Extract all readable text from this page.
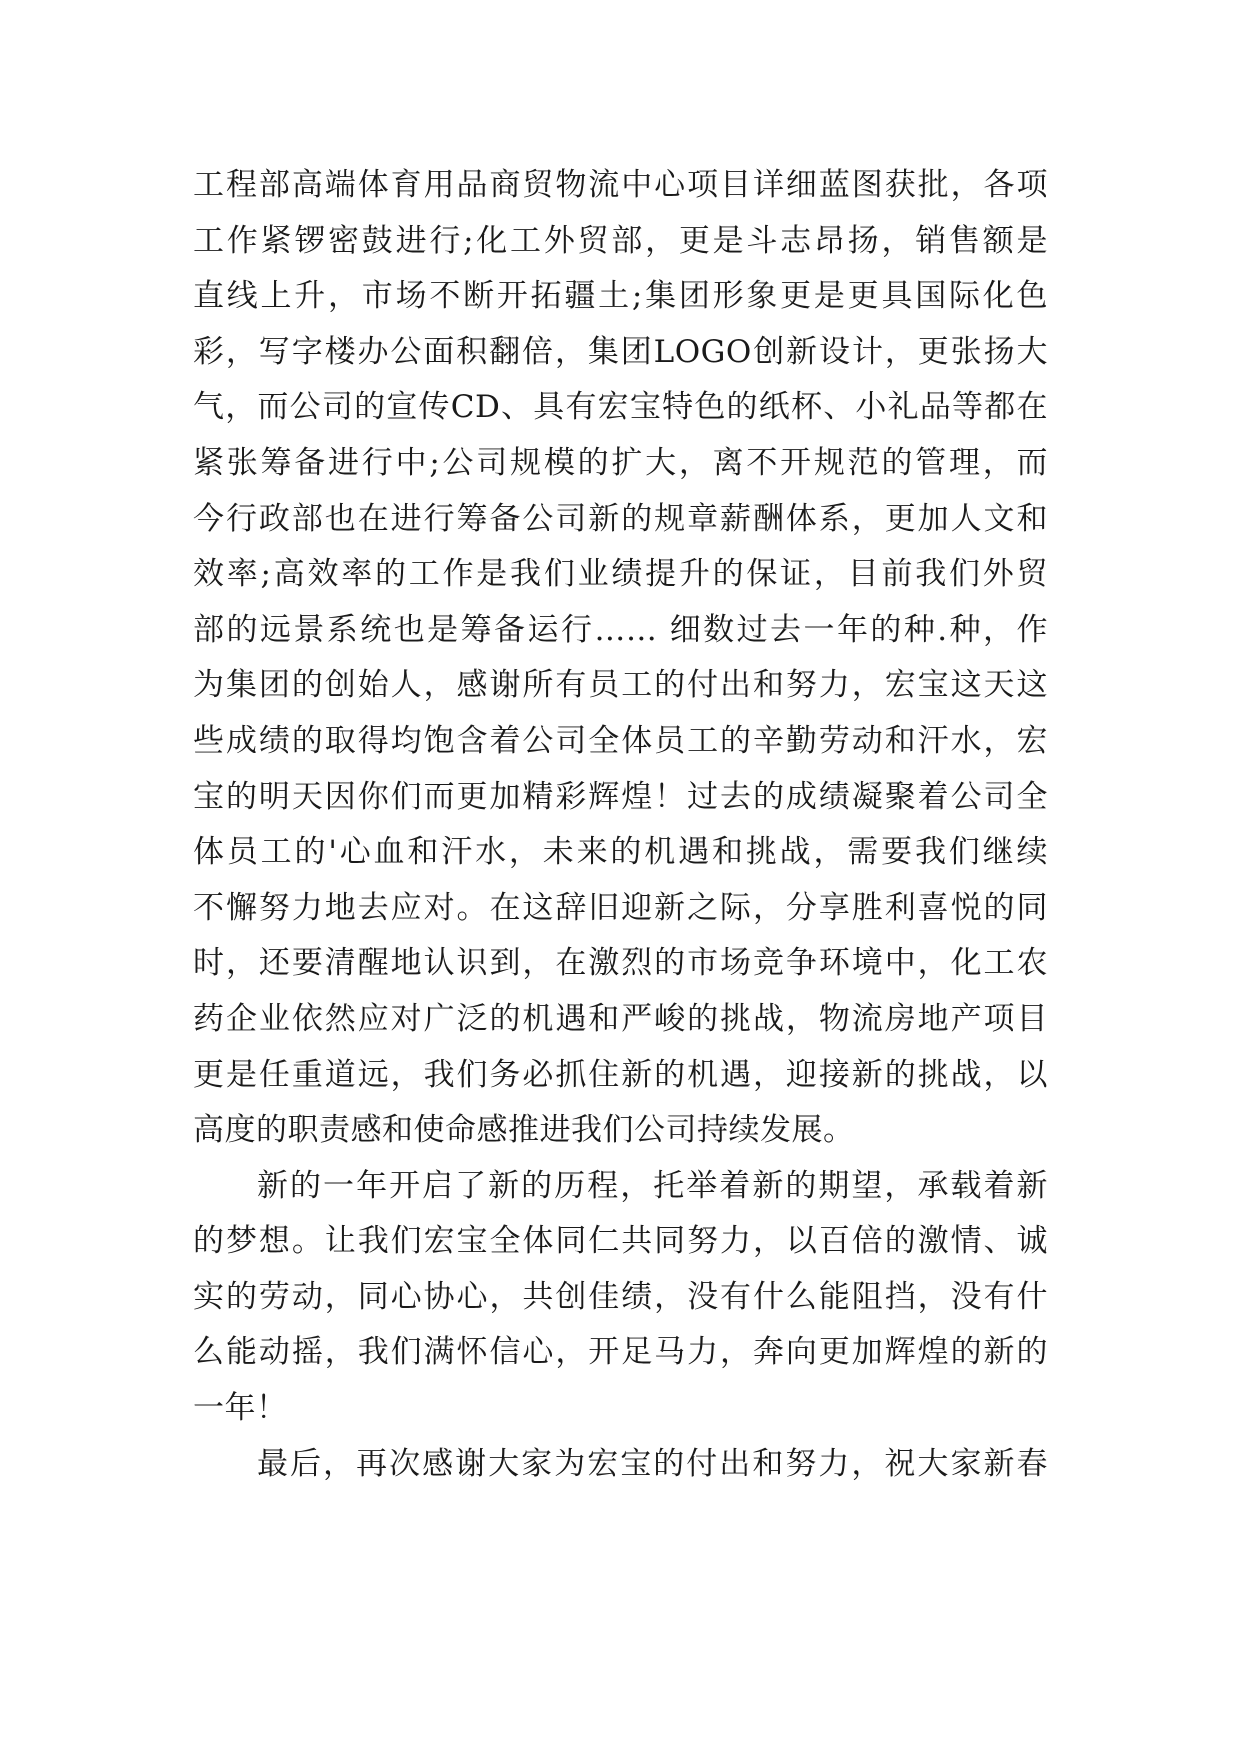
工程部高端体育用品商贸物流中心项目详细蓝图获批，各项
工作紧锣密鼓进行;化工外贸部，更是斗志昂扬，销售额是
直线上升，市场不断开拓疆土;集团形象更是更具国际化色
彩，写字楼办公面积翻倍，集团LOGO创新设计，更张扬大
气，而公司的宣传CD、具有宏宝特色的纸杯、小礼品等都在
紧张筹备进行中;公司规模的扩大，离不开规范的管理，而
今行政部也在进行筹备公司新的规章薪酬体系，更加人文和
效率;高效率的工作是我们业绩提升的保证，目前我们外贸
部的远景系统也是筹备运行…… 细数过去一年的种.种，作
为集团的创始人，感谢所有员工的付出和努力，宏宝这天这
些成绩的取得均饱含着公司全体员工的辛勤劳动和汗水，宏
宝的明天因你们而更加精彩辉煌！过去的成绩凝聚着公司全
体员工的'心血和汗水，未来的机遇和挑战，需要我们继续
不懈努力地去应对。在这辞旧迎新之际，分享胜利喜悦的同
时，还要清醒地认识到，在激烈的市场竞争环境中，化工农
药企业依然应对广泛的机遇和严峻的挑战，物流房地产项目
更是任重道远，我们务必抓住新的机遇，迎接新的挑战，以
高度的职责感和使命感推进我们公司持续发展。
新的一年开启了新的历程，托举着新的期望，承载着新
的梦想。让我们宏宝全体同仁共同努力，以百倍的激情、诚
实的劳动，同心协心，共创佳绩，没有什么能阻挡，没有什
么能动摇，我们满怀信心，开足马力，奔向更加辉煌的新的
一年！
最后，再次感谢大家为宏宝的付出和努力，祝大家新春
